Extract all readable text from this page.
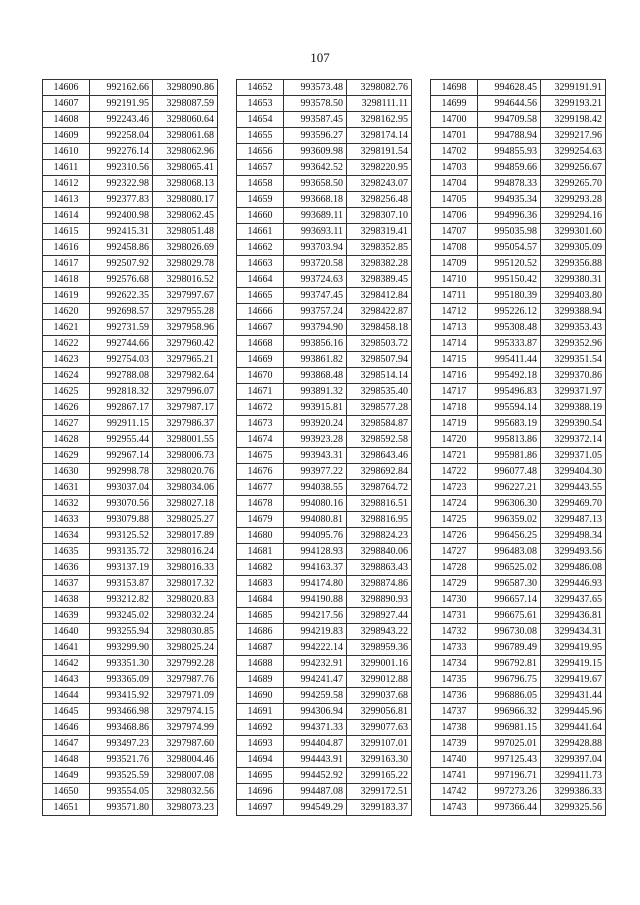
107
14606	992162.66	3298090.86
14607	992191.95	3298087.59
14608	992243.46	3298060.64
14609	992258.04	3298061.68
14610	992276.14	3298062.96
14611	992310.56	3298065.41
14612	992322.98	3298068.13
14613	992377.83	3298080.17
14614	992400.98	3298062.45
14615	992415.31	3298051.48
14616	992458.86	3298026.69
14617	992507.92	3298029.78
14618	992576.68	3298016.52
14619	992622.35	3297997.67
14620	992698.57	3297955.28
14621	992731.59	3297958.96
14622	992744.66	3297960.42
14623	992754.03	3297965.21
14624	992788.08	3297982.64
14625	992818.32	3297996.07
14626	992867.17	3297987.17
14627	992911.15	3297986.37
14628	992955.44	3298001.55
14629	992967.14	3298006.73
14630	992998.78	3298020.76
14631	993037.04	3298034.06
14632	993070.56	3298027.18
14633	993079.88	3298025.27
14634	993125.52	3298017.89
14635	993135.72	3298016.24
14636	993137.19	3298016.33
14637	993153.87	3298017.32
14638	993212.82	3298020.83
14639	993245.02	3298032.24
14640	993255.94	3298030.85
14641	993299.90	3298025.24
14642	993351.30	3297992.28
14643	993365.09	3297987.76
14644	993415.92	3297971.09
14645	993466.98	3297974.15
14646	993468.86	3297974.99
14647	993497.23	3297987.60
14648	993521.76	3298004.46
14649	993525.59	3298007.08
14650	993554.05	3298032.56
14651	993571.80	3298073.23
14652	993573.48	3298082.76
14653	993578.50	3298111.11
14654	993587.45	3298162.95
14655	993596.27	3298174.14
14656	993609.98	3298191.54
14657	993642.52	3298220.95
14658	993658.50	3298243.07
14659	993668.18	3298256.48
14660	993689.11	3298307.10
14661	993693.11	3298319.41
14662	993703.94	3298352.85
14663	993720.58	3298382.28
14664	993724.63	3298389.45
14665	993747.45	3298412.84
14666	993757.24	3298422.87
14667	993794.90	3298458.18
14668	993856.16	3298503.72
14669	993861.82	3298507.94
14670	993868.48	3298514.14
14671	993891.32	3298535.40
14672	993915.81	3298577.28
14673	993920.24	3298584.87
14674	993923.28	3298592.58
14675	993943.31	3298643.46
14676	993977.22	3298692.84
14677	994038.55	3298764.72
14678	994080.16	3298816.51
14679	994080.81	3298816.95
14680	994095.76	3298824.23
14681	994128.93	3298840.06
14682	994163.37	3298863.43
14683	994174.80	3298874.86
14684	994190.88	3298890.93
14685	994217.56	3298927.44
14686	994219.83	3298943.22
14687	994222.14	3298959.36
14688	994232.91	3299001.16
14689	994241.47	3299012.88
14690	994259.58	3299037.68
14691	994306.94	3299056.81
14692	994371.33	3299077.63
14693	994404.87	3299107.01
14694	994443.91	3299163.30
14695	994452.92	3299165.22
14696	994487.08	3299172.51
14697	994549.29	3299183.37
14698	994628.45	3299191.91
14699	994644.56	3299193.21
14700	994709.58	3299198.42
14701	994788.94	3299217.96
14702	994855.93	3299254.63
14703	994859.66	3299256.67
14704	994878.33	3299265.70
14705	994935.34	3299293.28
14706	994996.36	3299294.16
14707	995035.98	3299301.60
14708	995054.57	3299305.09
14709	995120.52	3299356.88
14710	995150.42	3299380.31
14711	995180.39	3299403.80
14712	995226.12	3299388.94
14713	995308.48	3299353.43
14714	995333.87	3299352.96
14715	995411.44	3299351.54
14716	995492.18	3299370.86
14717	995496.83	3299371.97
14718	995594.14	3299388.19
14719	995683.19	3299390.54
14720	995813.86	3299372.14
14721	995981.86	3299371.05
14722	996077.48	3299404.30
14723	996227.21	3299443.55
14724	996306.30	3299469.70
14725	996359.02	3299487.13
14726	996456.25	3299498.34
14727	996483.08	3299493.56
14728	996525.02	3299486.08
14729	996587.30	3299446.93
14730	996657.14	3299437.65
14731	996675.61	3299436.81
14732	996730.08	3299434.31
14733	996789.49	3299419.95
14734	996792.81	3299419.15
14735	996796.75	3299419.67
14736	996886.05	3299431.44
14737	996966.32	3299445.96
14738	996981.15	3299441.64
14739	997025.01	3299428.88
14740	997125.43	3299397.04
14741	997196.71	3299411.73
14742	997273.26	3299386.33
14743	997366.44	3299325.56
